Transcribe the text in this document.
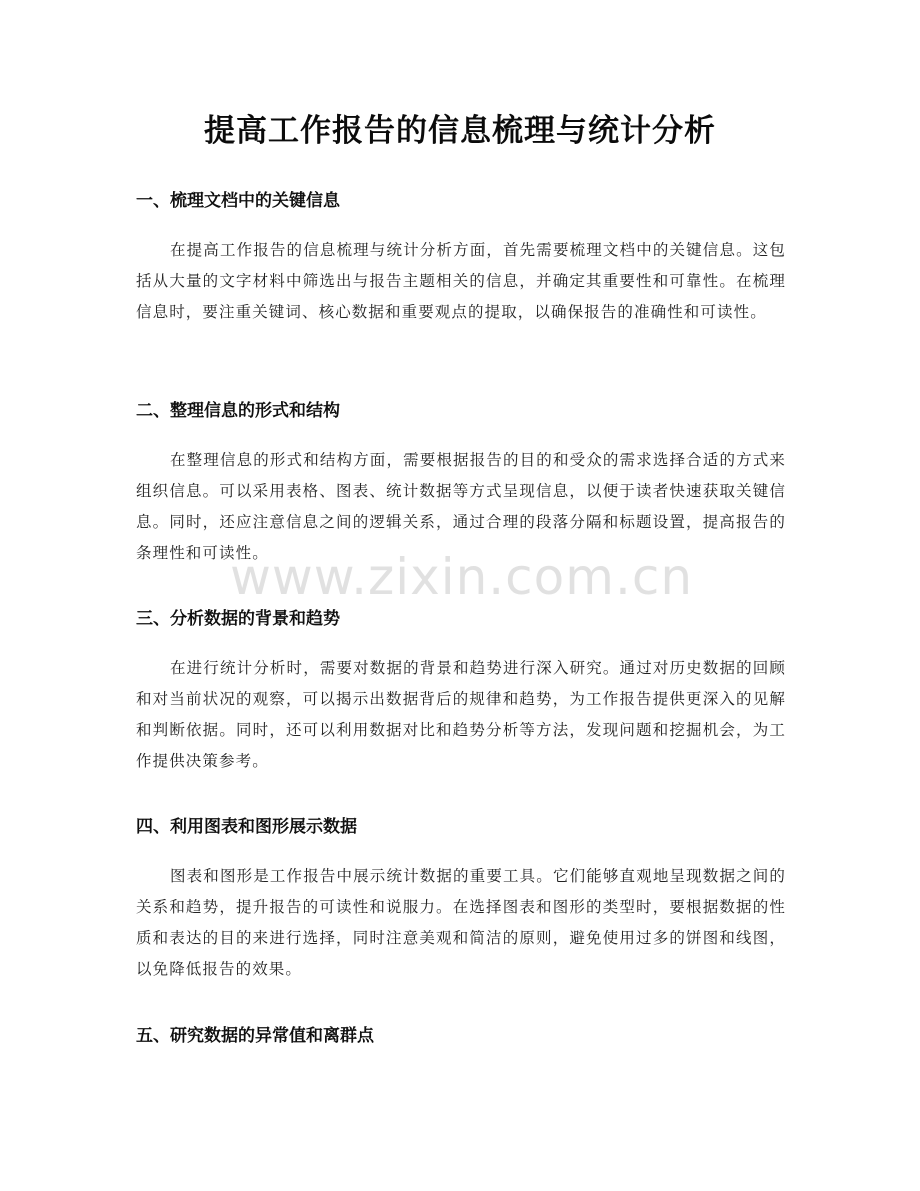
提高工作报告的信息梳理与统计分析
一、梳理文档中的关键信息

在提高工作报告的信息梳理与统计分析方面，首先需要梳理文档中的关键信息。这包括从大量的文字材料中筛选出与报告主题相关的信息，并确定其重要性和可靠性。在梳理信息时，要注重关键词、核心数据和重要观点的提取，以确保报告的准确性和可读性。

二、整理信息的形式和结构

在整理信息的形式和结构方面，需要根据报告的目的和受众的需求选择合适的方式来组织信息。可以采用表格、图表、统计数据等方式呈现信息，以便于读者快速获取关键信息。同时，还应注意信息之间的逻辑关系，通过合理的段落分隔和标题设置，提高报告的条理性和可读性。

三、分析数据的背景和趋势

在进行统计分析时，需要对数据的背景和趋势进行深入研究。通过对历史数据的回顾和对当前状况的观察，可以揭示出数据背后的规律和趋势，为工作报告提供更深入的见解和判断依据。同时，还可以利用数据对比和趋势分析等方法，发现问题和挖掘机会，为工作提供决策参考。

四、利用图表和图形展示数据

图表和图形是工作报告中展示统计数据的重要工具。它们能够直观地呈现数据之间的关系和趋势，提升报告的可读性和说服力。在选择图表和图形的类型时，要根据数据的性质和表达的目的来进行选择，同时注意美观和简洁的原则，避免使用过多的饼图和线图，以免降低报告的效果。

五、研究数据的异常值和离群点
www.zixin.com.cn
